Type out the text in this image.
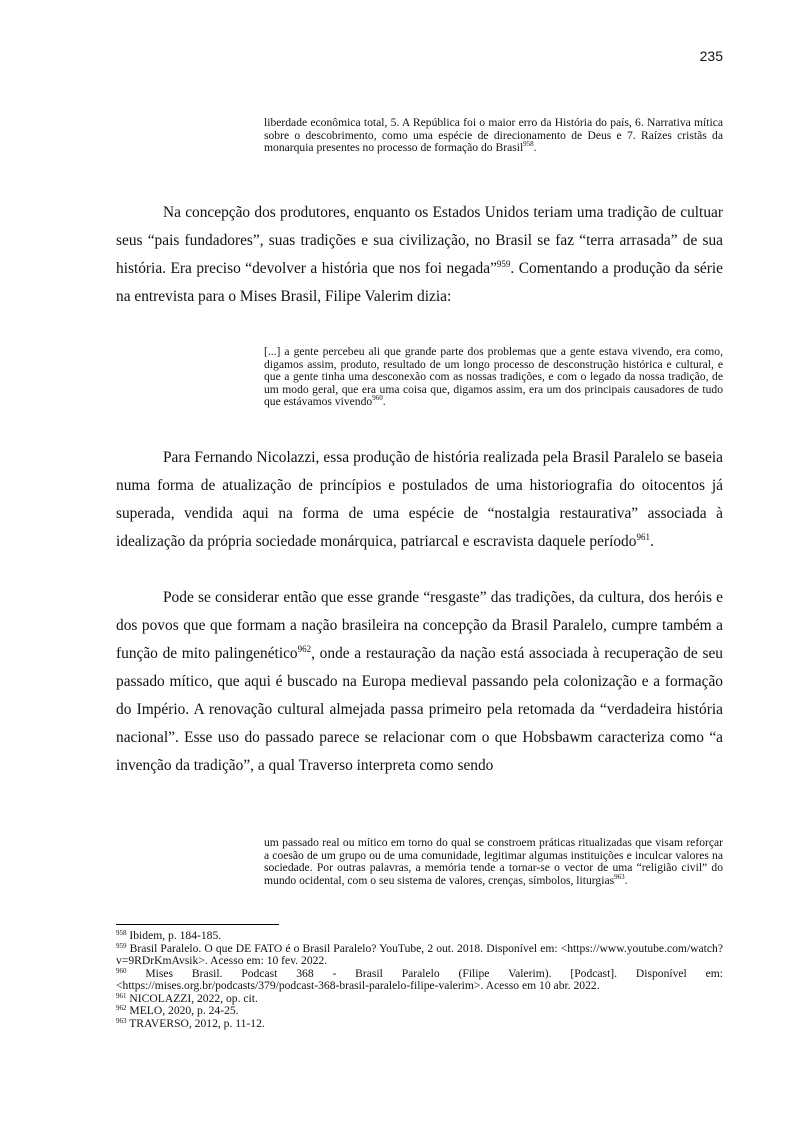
235

liberdade econômica total, 5. A República foi o maior erro da História do país, 6. Narrativa mítica sobre o descobrimento, como uma espécie de direcionamento de Deus e 7. Raízes cristãs da monarquia presentes no processo de formação do Brasil$^{958}$.

Na concepção dos produtores, enquanto os Estados Unidos teriam uma tradição de cultuar seus “pais fundadores”, suas tradições e sua civilização, no Brasil se faz “terra arrasada” de sua história. Era preciso “devolver a história que nos foi negada”$^{959}$. Comentando a produção da série na entrevista para o Mises Brasil, Filipe Valerim dizia:

[...] a gente percebeu ali que grande parte dos problemas que a gente estava vivendo, era como, digamos assim, produto, resultado de um longo processo de desconstrução histórica e cultural, e que a gente tinha uma desconexão com as nossas tradições, e com o legado da nossa tradição, de um modo geral, que era uma coisa que, digamos assim, era um dos principais causadores de tudo que estávamos vivendo$^{960}$.

Para Fernando Nicolazzi, essa produção de história realizada pela Brasil Paralelo se baseia numa forma de atualização de princípios e postulados de uma historiografia do oitocentos já superada, vendida aqui na forma de uma espécie de “nostalgia restaurativa” associada à idealização da própria sociedade monárquica, patriarcal e escravista daquele período$^{961}$.

Pode se considerar então que esse grande “resgaste” das tradições, da cultura, dos heróis e dos povos que que formam a nação brasileira na concepção da Brasil Paralelo, cumpre também a função de mito palingenético$^{962}$, onde a restauração da nação está associada à recuperação de seu passado mítico, que aqui é buscado na Europa medieval passando pela colonização e a formação do Império. A renovação cultural almejada passa primeiro pela retomada da “verdadeira história nacional”. Esse uso do passado parece se relacionar com o que Hobsbawm caracteriza como “a invenção da tradição”, a qual Traverso interpreta como sendo

um passado real ou mítico em torno do qual se constroem práticas ritualizadas que visam reforçar a coesão de um grupo ou de uma comunidade, legitimar algumas instituições e inculcar valores na sociedade. Por outras palavras, a memória tende a tornar-se o vector de uma “religião civil” do mundo ocidental, com o seu sistema de valores, crenças, símbolos, liturgias$^{963}$.

$^{958}$ Ibidem, p. 184-185.

$^{959}$ Brasil Paralelo. O que DE FATO é o Brasil Paralelo? YouTube, 2 out. 2018. Disponível em: <https://www.youtube.com/watch?v=9RDrKmAvsik>. Acesso em: 10 fev. 2022.

$^{960}$ Mises Brasil. Podcast 368 - Brasil Paralelo (Filipe Valerim). [Podcast]. Disponível em: <https://mises.org.br/podcasts/379/podcast-368-brasil-paralelo-filipe-valerim>. Acesso em 10 abr. 2022.

$^{961}$ NICOLAZZI, 2022, op. cit.

$^{962}$ MELO, 2020, p. 24-25.

$^{963}$ TRAVERSO, 2012, p. 11-12.
